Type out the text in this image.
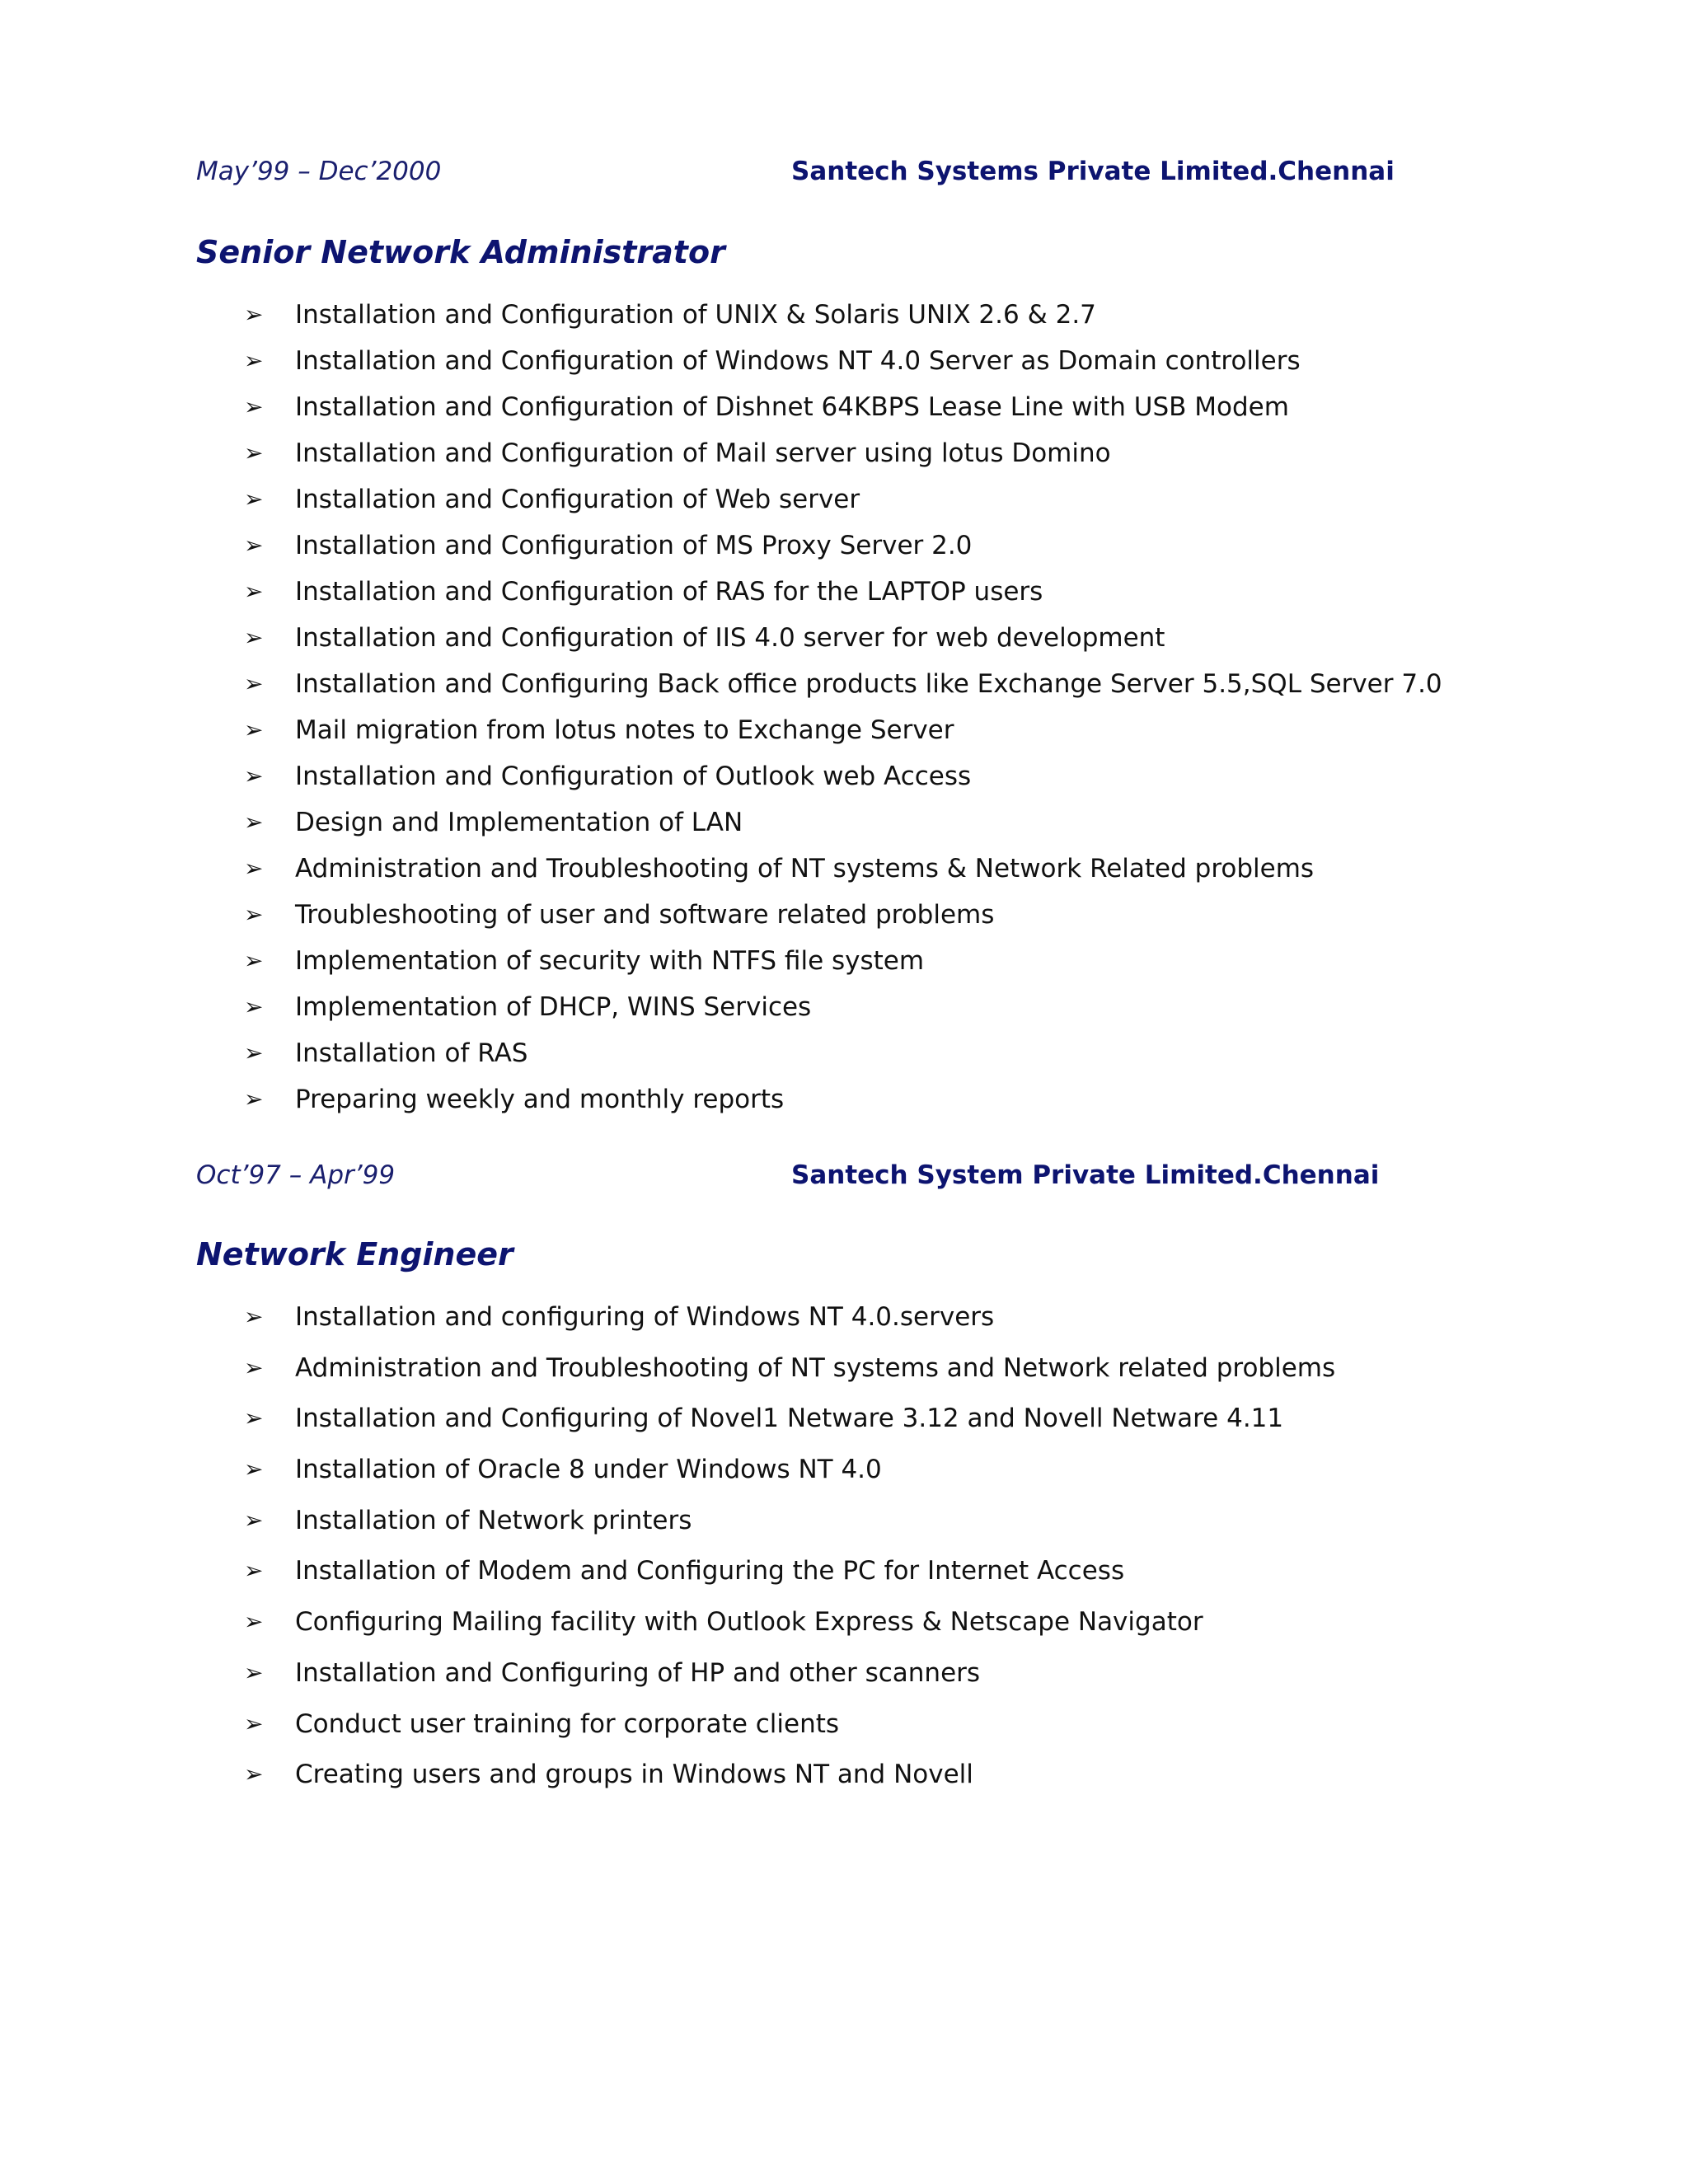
May’99 – Dec’2000	Santech Systems Private Limited.Chennai
Senior Network Administrator
➢ Installation and Configuration of UNIX & Solaris UNIX 2.6 & 2.7
➢ Installation and Configuration of Windows NT 4.0 Server as Domain controllers
➢ Installation and Configuration of Dishnet 64KBPS Lease Line with USB Modem
➢ Installation and Configuration of Mail server using lotus Domino
➢ Installation and Configuration of Web server
➢ Installation and Configuration of MS Proxy Server 2.0
➢ Installation and Configuration of RAS for the LAPTOP users
➢ Installation and Configuration of IIS 4.0 server for web development
➢ Installation and Configuring Back office products like Exchange Server 5.5,SQL Server 7.0
➢ Mail migration from lotus notes to Exchange Server
➢ Installation and Configuration of Outlook web Access
➢ Design and Implementation of LAN
➢ Administration and Troubleshooting of NT systems & Network Related problems
➢ Troubleshooting of user and software related problems
➢ Implementation of security with NTFS file system
➢ Implementation of DHCP, WINS Services
➢ Installation of RAS
➢ Preparing weekly and monthly reports
Oct’97 – Apr’99	Santech System Private Limited.Chennai
Network Engineer
➢ Installation and configuring of Windows NT 4.0.servers
➢ Administration and Troubleshooting of NT systems and Network related problems
➢ Installation and Configuring of Novel1 Netware 3.12 and Novell Netware 4.11
➢ Installation of Oracle 8 under Windows NT 4.0
➢ Installation of Network printers
➢ Installation of Modem and Configuring the PC for Internet Access
➢ Configuring Mailing facility with Outlook Express & Netscape Navigator
➢ Installation and Configuring of HP and other scanners
➢ Conduct user training for corporate clients
➢ Creating users and groups in Windows NT and Novell
